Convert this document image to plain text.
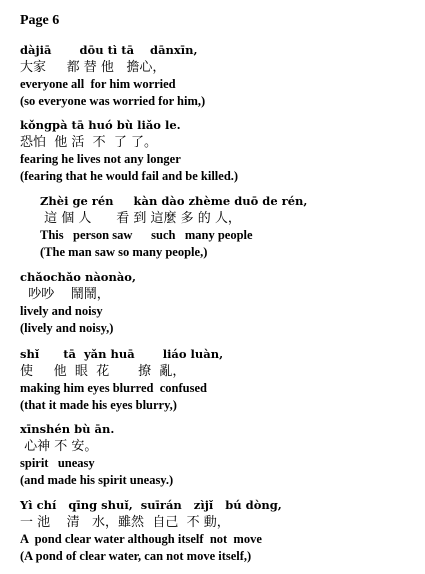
Page 6
dàjiā       dōu tì tā    dānxīn,
大家     都 替 他   擔心，
everyone all  for him worried
(so everyone was worried for him,)
kǒngpà tā huó bù liǎo le.
恐怕  他 活  不  了 了。
fearing he lives not any longer
(fearing that he would fail and be killed.)
Zhèi ge rén     kàn dào zhème duō de rén,
這 個 人      看 到 這麼 多 的 人，
This   person saw      such   many people
(The man saw so many people,)
chǎochǎo nàonào,
吵吵    鬧鬧，
lively and noisy
(lively and noisy,)
shǐ      tā  yǎn huā       liáo luàn,
使     他  眼  花       撩  亂，
making him eyes blurred  confused
(that it made his eyes blurry,)
xīnshén bù ān.
心神 不 安。
spirit   uneasy
(and made his spirit uneasy.)
Yì chí   qīng shuǐ,  suīrán   zìjǐ   bú dòng,
一 池    清   水，雖然  自己  不 動，
A  pond clear water although itself  not  move
(A pond of clear water, can not move itself,)
